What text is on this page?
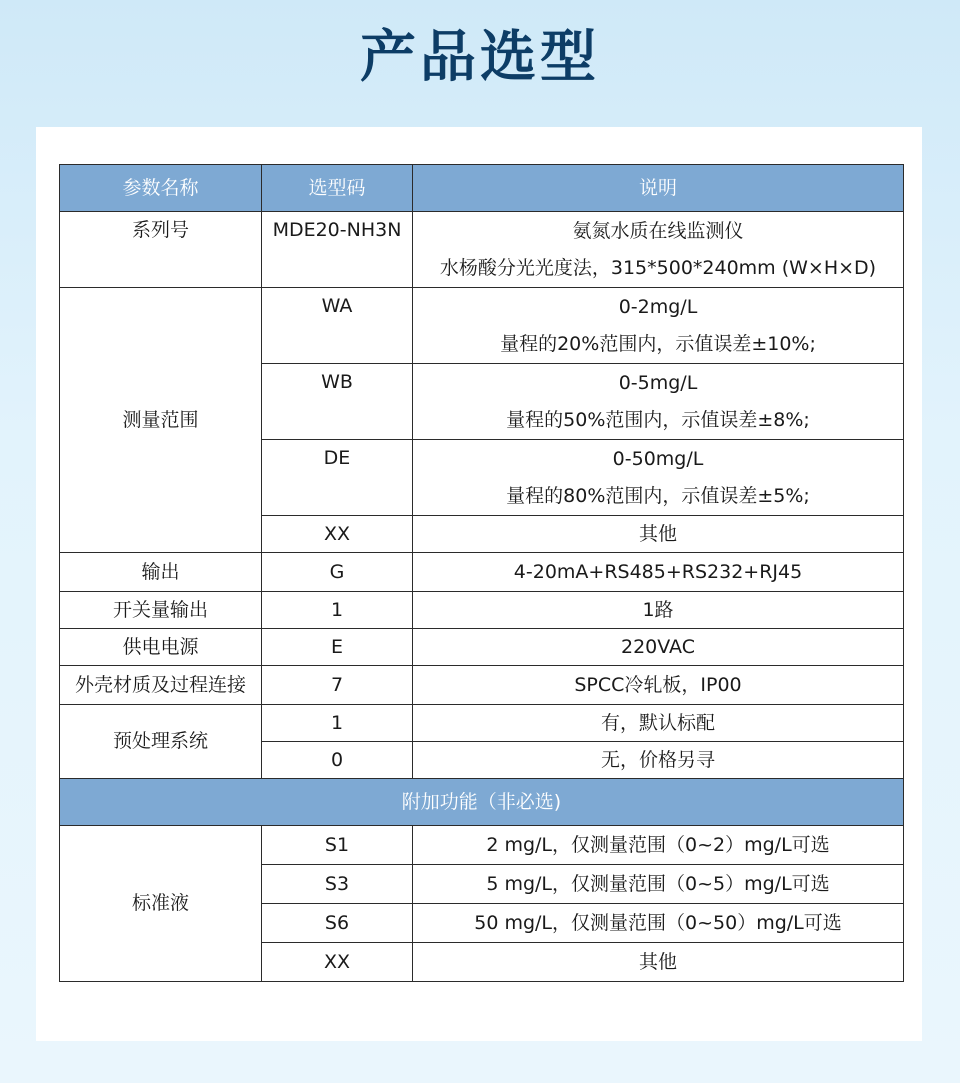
产品选型
参数名称	选型码	说明

系列号	MDE20-NH3N	氨氮水质在线监测仪
水杨酸分光光度法，315*500*240mm (W×H×D)

测量范围	WA	0-2mg/L
量程的20%范围内，示值误差±10%;

	WB	0-5mg/L
量程的50%范围内，示值误差±8%;

	DE	0-50mg/L
量程的80%范围内，示值误差±5%;

	XX	其他
输出	G	4-20mA+RS485+RS232+RJ45
开关量输出	1	1路
供电电源	E	220VAC
外壳材质及过程连接	7	SPCC冷轧板，IP00
预处理系统	1	有，默认标配
	0	无，价格另寻
附加功能（非必选)		
标准液	S1	2 mg/L，仅测量范围（0~2）mg/L可选
	S3	5 mg/L，仅测量范围（0~5）mg/L可选
	S6	50 mg/L，仅测量范围（0~50）mg/L可选
	XX	其他
